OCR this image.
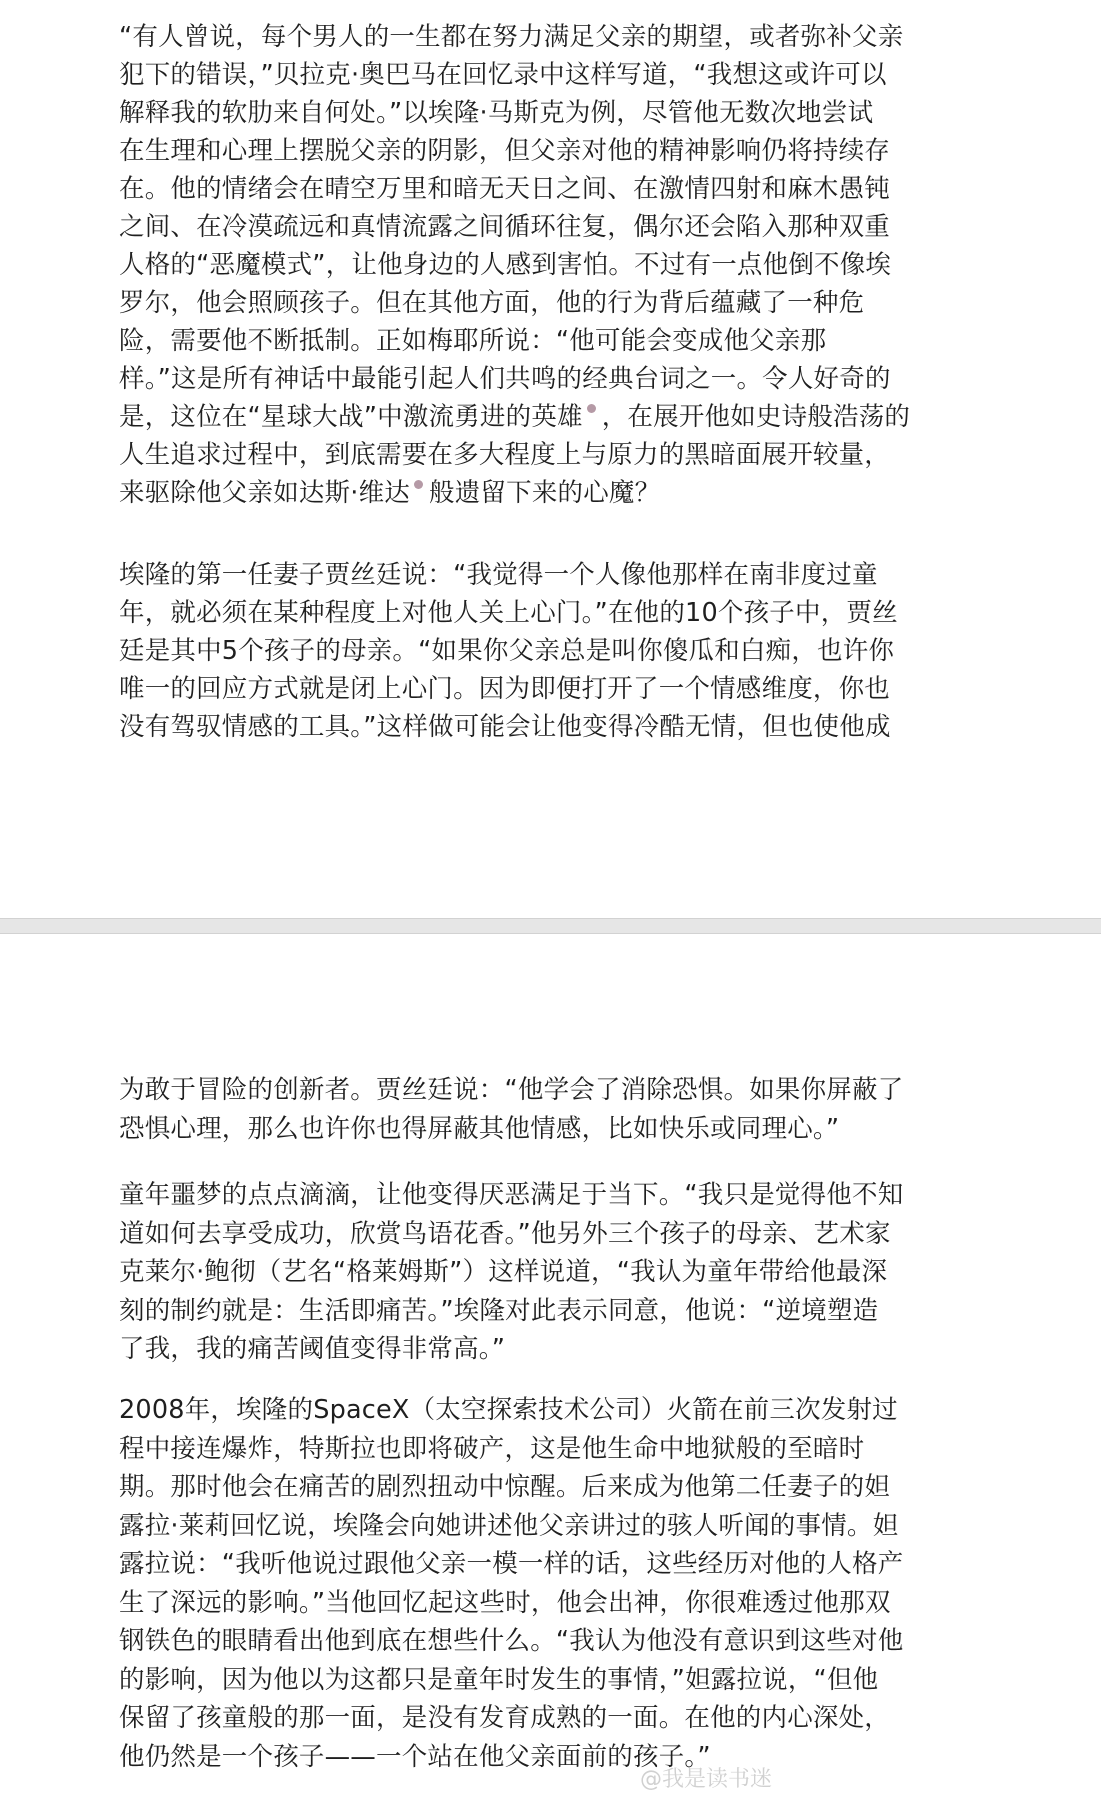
“有人曾说，每个男人的一生都在努力满足父亲的期望，或者弥补父亲
犯下的错误，”贝拉克·奥巴马在回忆录中这样写道，“我想这或许可以
解释我的软肋来自何处。”以埃隆·马斯克为例，尽管他无数次地尝试
在生理和心理上摆脱父亲的阴影，但父亲对他的精神影响仍将持续存
在。他的情绪会在晴空万里和暗无天日之间、在激情四射和麻木愚钝
之间、在冷漠疏远和真情流露之间循环往复，偶尔还会陷入那种双重
人格的“恶魔模式”，让他身边的人感到害怕。不过有一点他倒不像埃
罗尔，他会照顾孩子。但在其他方面，他的行为背后蕴藏了一种危
险，需要他不断抵制。正如梅耶所说：“他可能会变成他父亲那
样。”这是所有神话中最能引起人们共鸣的经典台词之一。令人好奇的
是，这位在“星球大战”中激流勇进的英雄 ，在展开他如史诗般浩荡的
人生追求过程中，到底需要在多大程度上与原力的黑暗面展开较量，
来驱除他父亲如达斯·维达 般遗留下来的心魔？
埃隆的第一任妻子贾丝廷说：“我觉得一个人像他那样在南非度过童
年，就必须在某种程度上对他人关上心门。”在他的10个孩子中，贾丝
廷是其中5个孩子的母亲。“如果你父亲总是叫你傻瓜和白痴，也许你
唯一的回应方式就是闭上心门。因为即便打开了一个情感维度，你也
没有驾驭情感的工具。”这样做可能会让他变得冷酷无情，但也使他成
为敢于冒险的创新者。贾丝廷说：“他学会了消除恐惧。如果你屏蔽了
恐惧心理，那么也许你也得屏蔽其他情感，比如快乐或同理心。”
童年噩梦的点点滴滴，让他变得厌恶满足于当下。“我只是觉得他不知
道如何去享受成功，欣赏鸟语花香。”他另外三个孩子的母亲、艺术家
克莱尔·鲍彻（艺名“格莱姆斯”）这样说道，“我认为童年带给他最深
刻的制约就是：生活即痛苦。”埃隆对此表示同意，他说：“逆境塑造
了我，我的痛苦阈值变得非常高。”
2008年，埃隆的SpaceX（太空探索技术公司）火箭在前三次发射过
程中接连爆炸，特斯拉也即将破产，这是他生命中地狱般的至暗时
期。那时他会在痛苦的剧烈扭动中惊醒。后来成为他第二任妻子的妲
露拉·莱莉回忆说，埃隆会向她讲述他父亲讲过的骇人听闻的事情。妲
露拉说：“我听他说过跟他父亲一模一样的话，这些经历对他的人格产
生了深远的影响。”当他回忆起这些时，他会出神，你很难透过他那双
钢铁色的眼睛看出他到底在想些什么。“我认为他没有意识到这些对他
的影响，因为他以为这都只是童年时发生的事情，”妲露拉说，“但他
保留了孩童般的那一面，是没有发育成熟的一面。在他的内心深处，
他仍然是一个孩子——一个站在他父亲面前的孩子。”
@我是读书迷
